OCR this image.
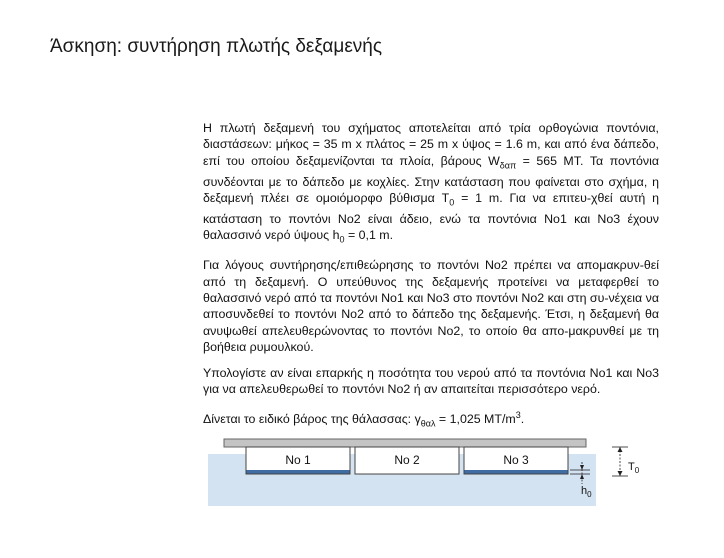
Άσκηση: συντήρηση πλωτής δεξαμενής

Η πλωτή δεξαμενή του σχήματος αποτελείται από τρία ορθογώνια ποντόνια, διαστάσεων: μήκος = 35 m x πλάτος = 25 m x ύψος = 1.6 m, και από ένα δάπεδο, επί του οποίου δεξαμενίζονται τα πλοία, βάρους $W_{\delta\alpha\pi} = 565$ MT. Τα ποντόνια συνδέονται με το δάπεδο με κοχλίες. Στην κατάσταση που φαίνεται στο σχήμα, η δεξαμενή πλέει σε ομοιόμορφο βύθισμα $T_0 = 1$ m. Για να επιτευ-χθεί αυτή η κατάσταση το ποντόνι Νο2 είναι άδειο, ενώ τα ποντόνια Νο1 και Νο3 έχουν θαλασσινό νερό ύψους $h_0 = 0,1$ m.

Για λόγους συντήρησης/επιθεώρησης το ποντόνι Νο2 πρέπει να απομακρυν-θεί από τη δεξαμενή. Ο υπεύθυνος της δεξαμενής προτείνει να μεταφερθεί το θαλασσινό νερό από τα ποντόνι Νο1 και Νο3 στο ποντόνι Νο2 και στη συ-νέχεια να αποσυνδεθεί το ποντόνι Νο2 από το δάπεδο της δεξαμενής. Έτσι, η δεξαμενή θα ανυψωθεί απελευθερώνοντας το ποντόνι Νο2, το οποίο θα απο-μακρυνθεί με τη βοήθεια ρυμουλκού.

Υπολογίστε αν είναι επαρκής η ποσότητα του νερού από τα ποντόνια Νο1 και Νο3 για να απελευθερωθεί το ποντόνι Νο2 ή αν απαιτείται περισσότερο νερό.

Δίνεται το ειδικό βάρος της θάλασσας: $\gamma_{\theta\alpha\lambda} = 1,025$ $MT/m^3$.

No 1	No 2	No 3	$T_0$
$h_0$
